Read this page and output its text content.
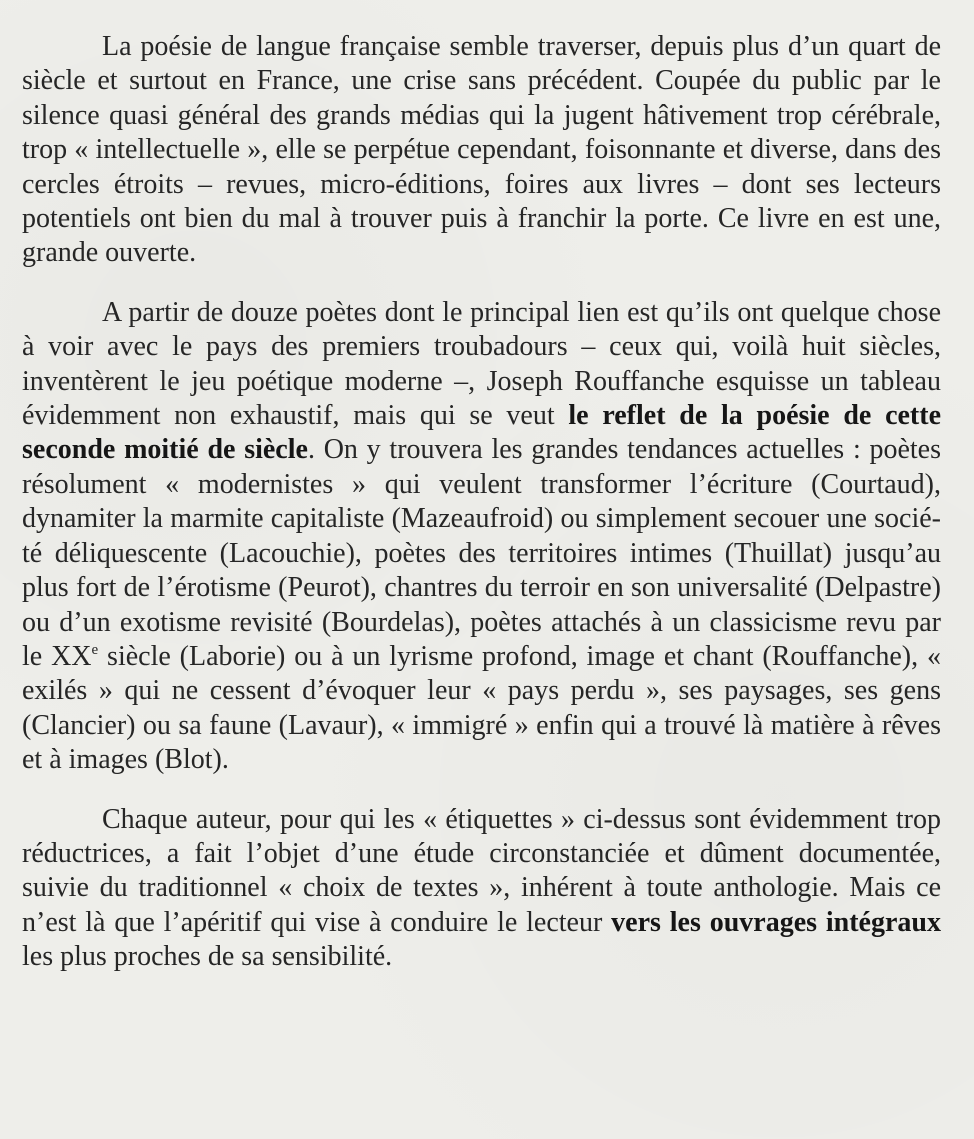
La poésie de langue française semble traverser, depuis plus d’un quart de siècle et surtout en France, une crise sans précédent. Coupée du public par le silence quasi général des grands médias qui la jugent hâtivement trop cérébrale, trop « intellectuelle », elle se perpétue cependant, foisonnante et diverse, dans des cercles étroits – revues, micro-éditions, foires aux livres – dont ses lecteurs potentiels ont bien du mal à trouver puis à franchir la porte. Ce livre en est une, grande ouverte.

A partir de douze poètes dont le principal lien est qu’ils ont quelque chose à voir avec le pays des premiers troubadours – ceux qui, voilà huit siècles, inventèrent le jeu poétique moderne –, Joseph Rouffanche esquisse un tableau évidemment non exhaustif, mais qui se veut le reflet de la poésie de cette seconde moitié de siècle. On y trouvera les grandes tendances actuelles : poètes résolument « modernistes » qui veulent transformer l’écriture (Courtaud), dynamiter la marmite capitaliste (Mazeaufroid) ou simplement secouer une société déliquescente (Lacouchie), poètes des territoires intimes (Thuillat) jusqu’au plus fort de l’érotisme (Peurot), chantres du terroir en son universalité (Delpastre) ou d’un exotisme revisité (Bourdelas), poètes attachés à un classicisme revu par le XXe siècle (Laborie) ou à un lyrisme profond, image et chant (Rouffanche), « exilés » qui ne cessent d’évoquer leur « pays perdu », ses paysages, ses gens (Clancier) ou sa faune (Lavaur), « immigré » enfin qui a trouvé là matière à rêves et à images (Blot).

Chaque auteur, pour qui les « étiquettes » ci-dessus sont évidemment trop réductrices, a fait l’objet d’une étude circonstanciée et dûment documentée, suivie du traditionnel « choix de textes », inhérent à toute anthologie. Mais ce n’est là que l’apéritif qui vise à conduire le lecteur vers les ouvrages intégraux les plus proches de sa sensibilité.
